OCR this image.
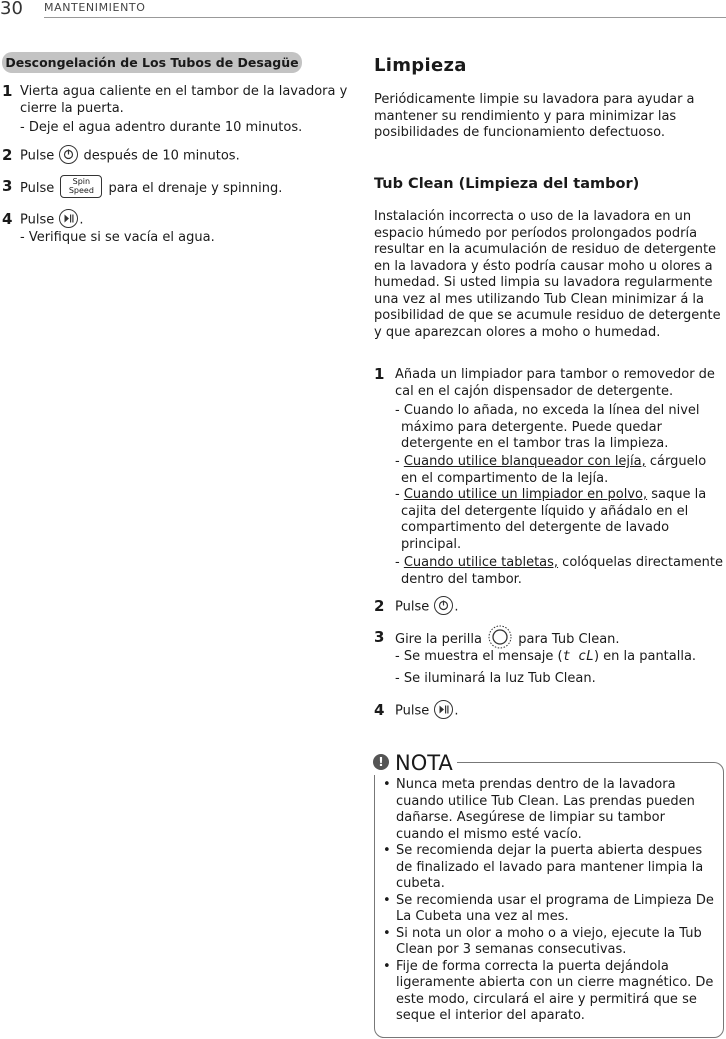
30 MANTENIMIENTO
Descongelación de Los Tubos de Desagüe
1 Vierta agua caliente en el tambor de la lavadora y cierre la puerta.
- Deje el agua adentro durante 10 minutos.
2 Pulse después de 10 minutos.
3 Pulse Spin
Speed para el drenaje y spinning.
4 Pulse .
- Verifique si se vacía el agua.
Limpieza
Periódicamente limpie su lavadora para ayudar a mantener su rendimiento y para minimizar las posibilidades de funcionamiento defectuoso.
Tub Clean (Limpieza del tambor)
Instalación incorrecta o uso de la lavadora en un espacio húmedo por períodos prolongados podría resultar en la acumulación de residuo de detergente en la lavadora y ésto podría causar moho u olores a humedad. Si usted limpia su lavadora regularmente una vez al mes utilizando Tub Clean minimizar á la posibilidad de que se acumule residuo de detergente y que aparezcan olores a moho o humedad.
1 Añada un limpiador para tambor o removedor de cal en el cajón dispensador de detergente.
- Cuando lo añada, no exceda la línea del nivel máximo para detergente. Puede quedar detergente en el tambor tras la limpieza.
- Cuando utilice blanqueador con lejía, cárguelo en el compartimento de la lejía.
- Cuando utilice un limpiador en polvo, saque la cajita del detergente líquido y añádalo en el compartimento del detergente de lavado principal.
- Cuando utilice tabletas, colóquelas directamente dentro del tambor.
2 Pulse .
3 Gire la perilla	para Tub Clean.
- Se muestra el mensaje (t cL) en la pantalla.
- Se iluminará la luz Tub Clean.
4 Pulse .
• Nunca meta prendas dentro de la lavadora cuando utilice Tub Clean. Las prendas pueden dañarse. Asegúrese de limpiar su tambor cuando el mismo esté vacío.
• Se recomienda dejar la puerta abierta despues de finalizado el lavado para mantener limpia la cubeta.
• Se recomienda usar el programa de Limpieza De La Cubeta una vez al mes.
• Si nota un olor a moho o a viejo, ejecute la Tub Clean por 3 semanas consecutivas.
• Fije de forma correcta la puerta dejándola ligeramente abierta con un cierre magnético. De este modo, circulará el aire y permitirá que se seque el interior del aparato.
! NOTA
